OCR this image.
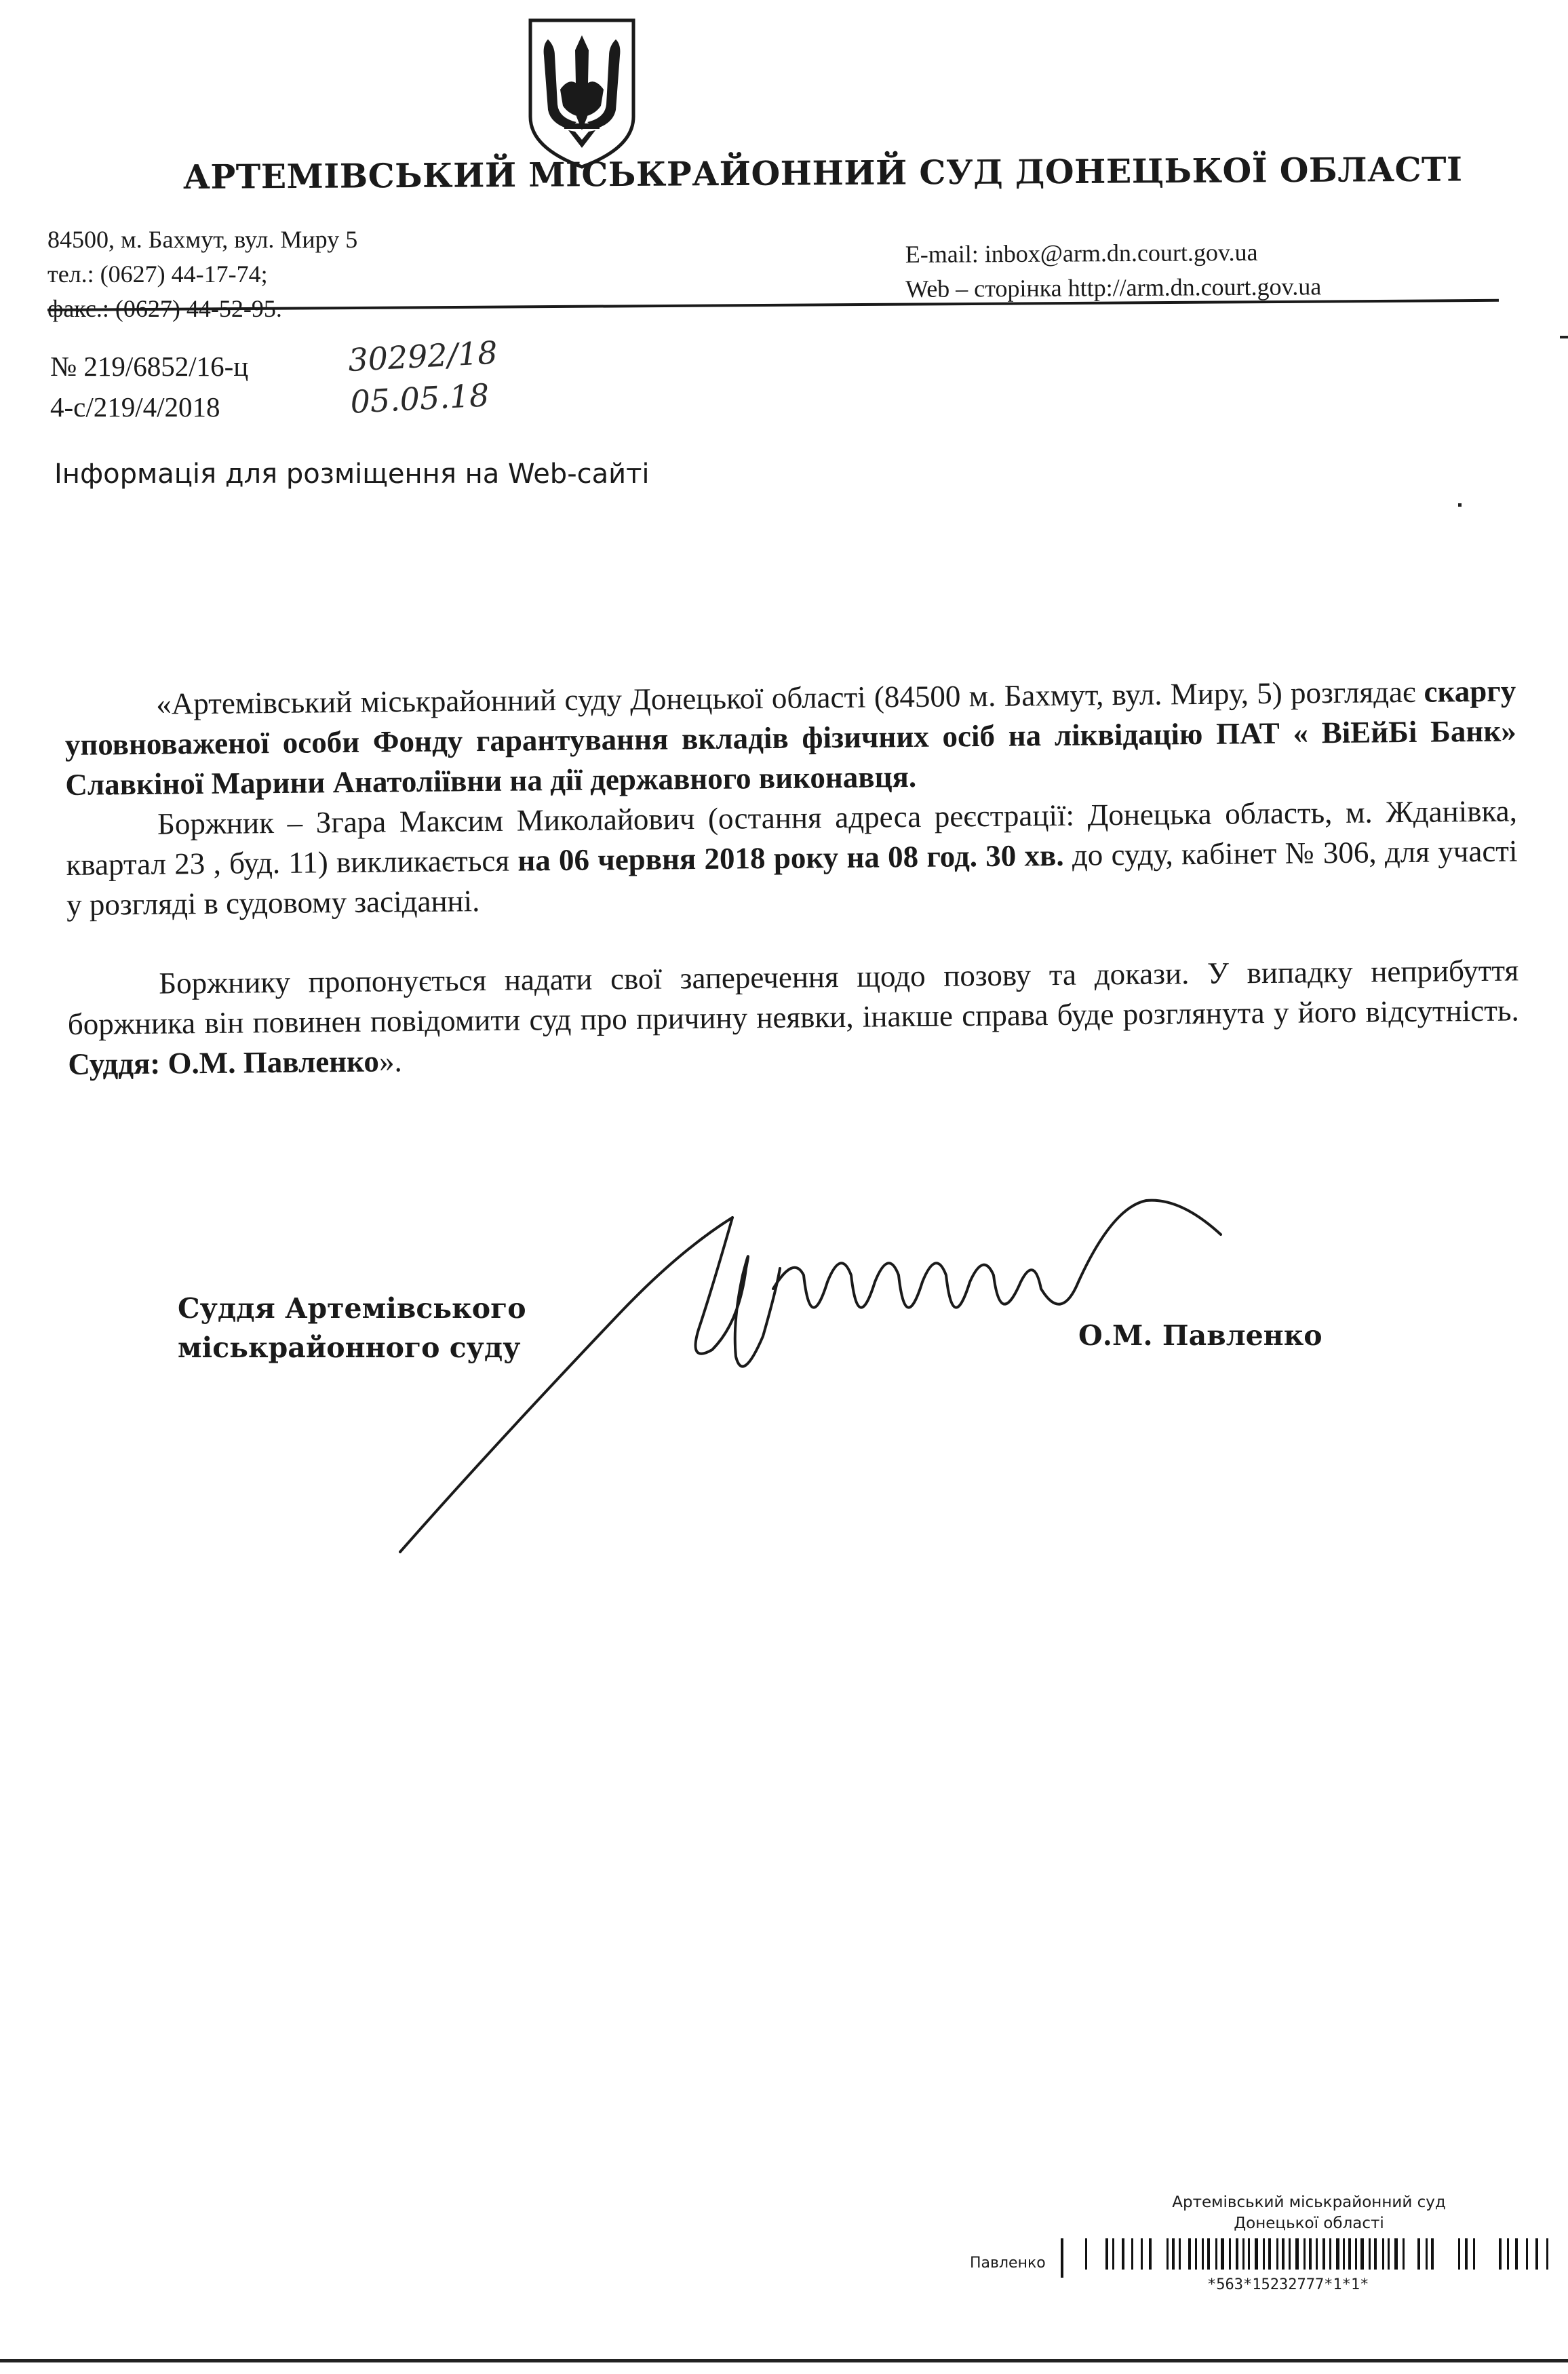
АРТЕМІВСЬКИЙ МІСЬКРАЙОННИЙ СУД ДОНЕЦЬКОЇ ОБЛАСТІ
84500, м. Бахмут, вул. Миру 5
тел.: (0627) 44-17-74;
факс.: (0627) 44-52-95.
E-mail: inbox@arm.dn.court.gov.ua
Web – сторінка http://arm.dn.court.gov.ua
№ 219/6852/16-ц
4-с/219/4/2018
30292/18
05.05.18
Інформація для розміщення на Web-сайті

«Артемівський міськрайонний суду Донецької області (84500 м. Бахмут, вул. Миру, 5) розглядає скаргу уповноваженої особи Фонду гарантування вкладів фізичних осіб на ліквідацію ПАТ « ВіЕйБі Банк» Славкіної Марини Анатоліївни на дії державного виконавця.

Боржник – Згара Максим Миколайович (остання адреса реєстрації: Донецька область, м. Жданівка, квартал 23 , буд. 11) викликається на 06 червня 2018 року на 08 год. 30 хв. до суду, кабінет № 306, для участі у розгляді в судовому засіданні.

Боржнику пропонується надати свої заперечення щодо позову та докази. У випадку неприбуття боржника він повинен повідомити суд про причину неявки, інакше справа буде розглянута у його відсутність. Суддя: О.М. Павленко».

Суддя Артемівського
міськрайонного суду	О.М. Павленко
Артемівський міськрайонний суд
Донецької області
Павленко
*563*15232777*1*1*
